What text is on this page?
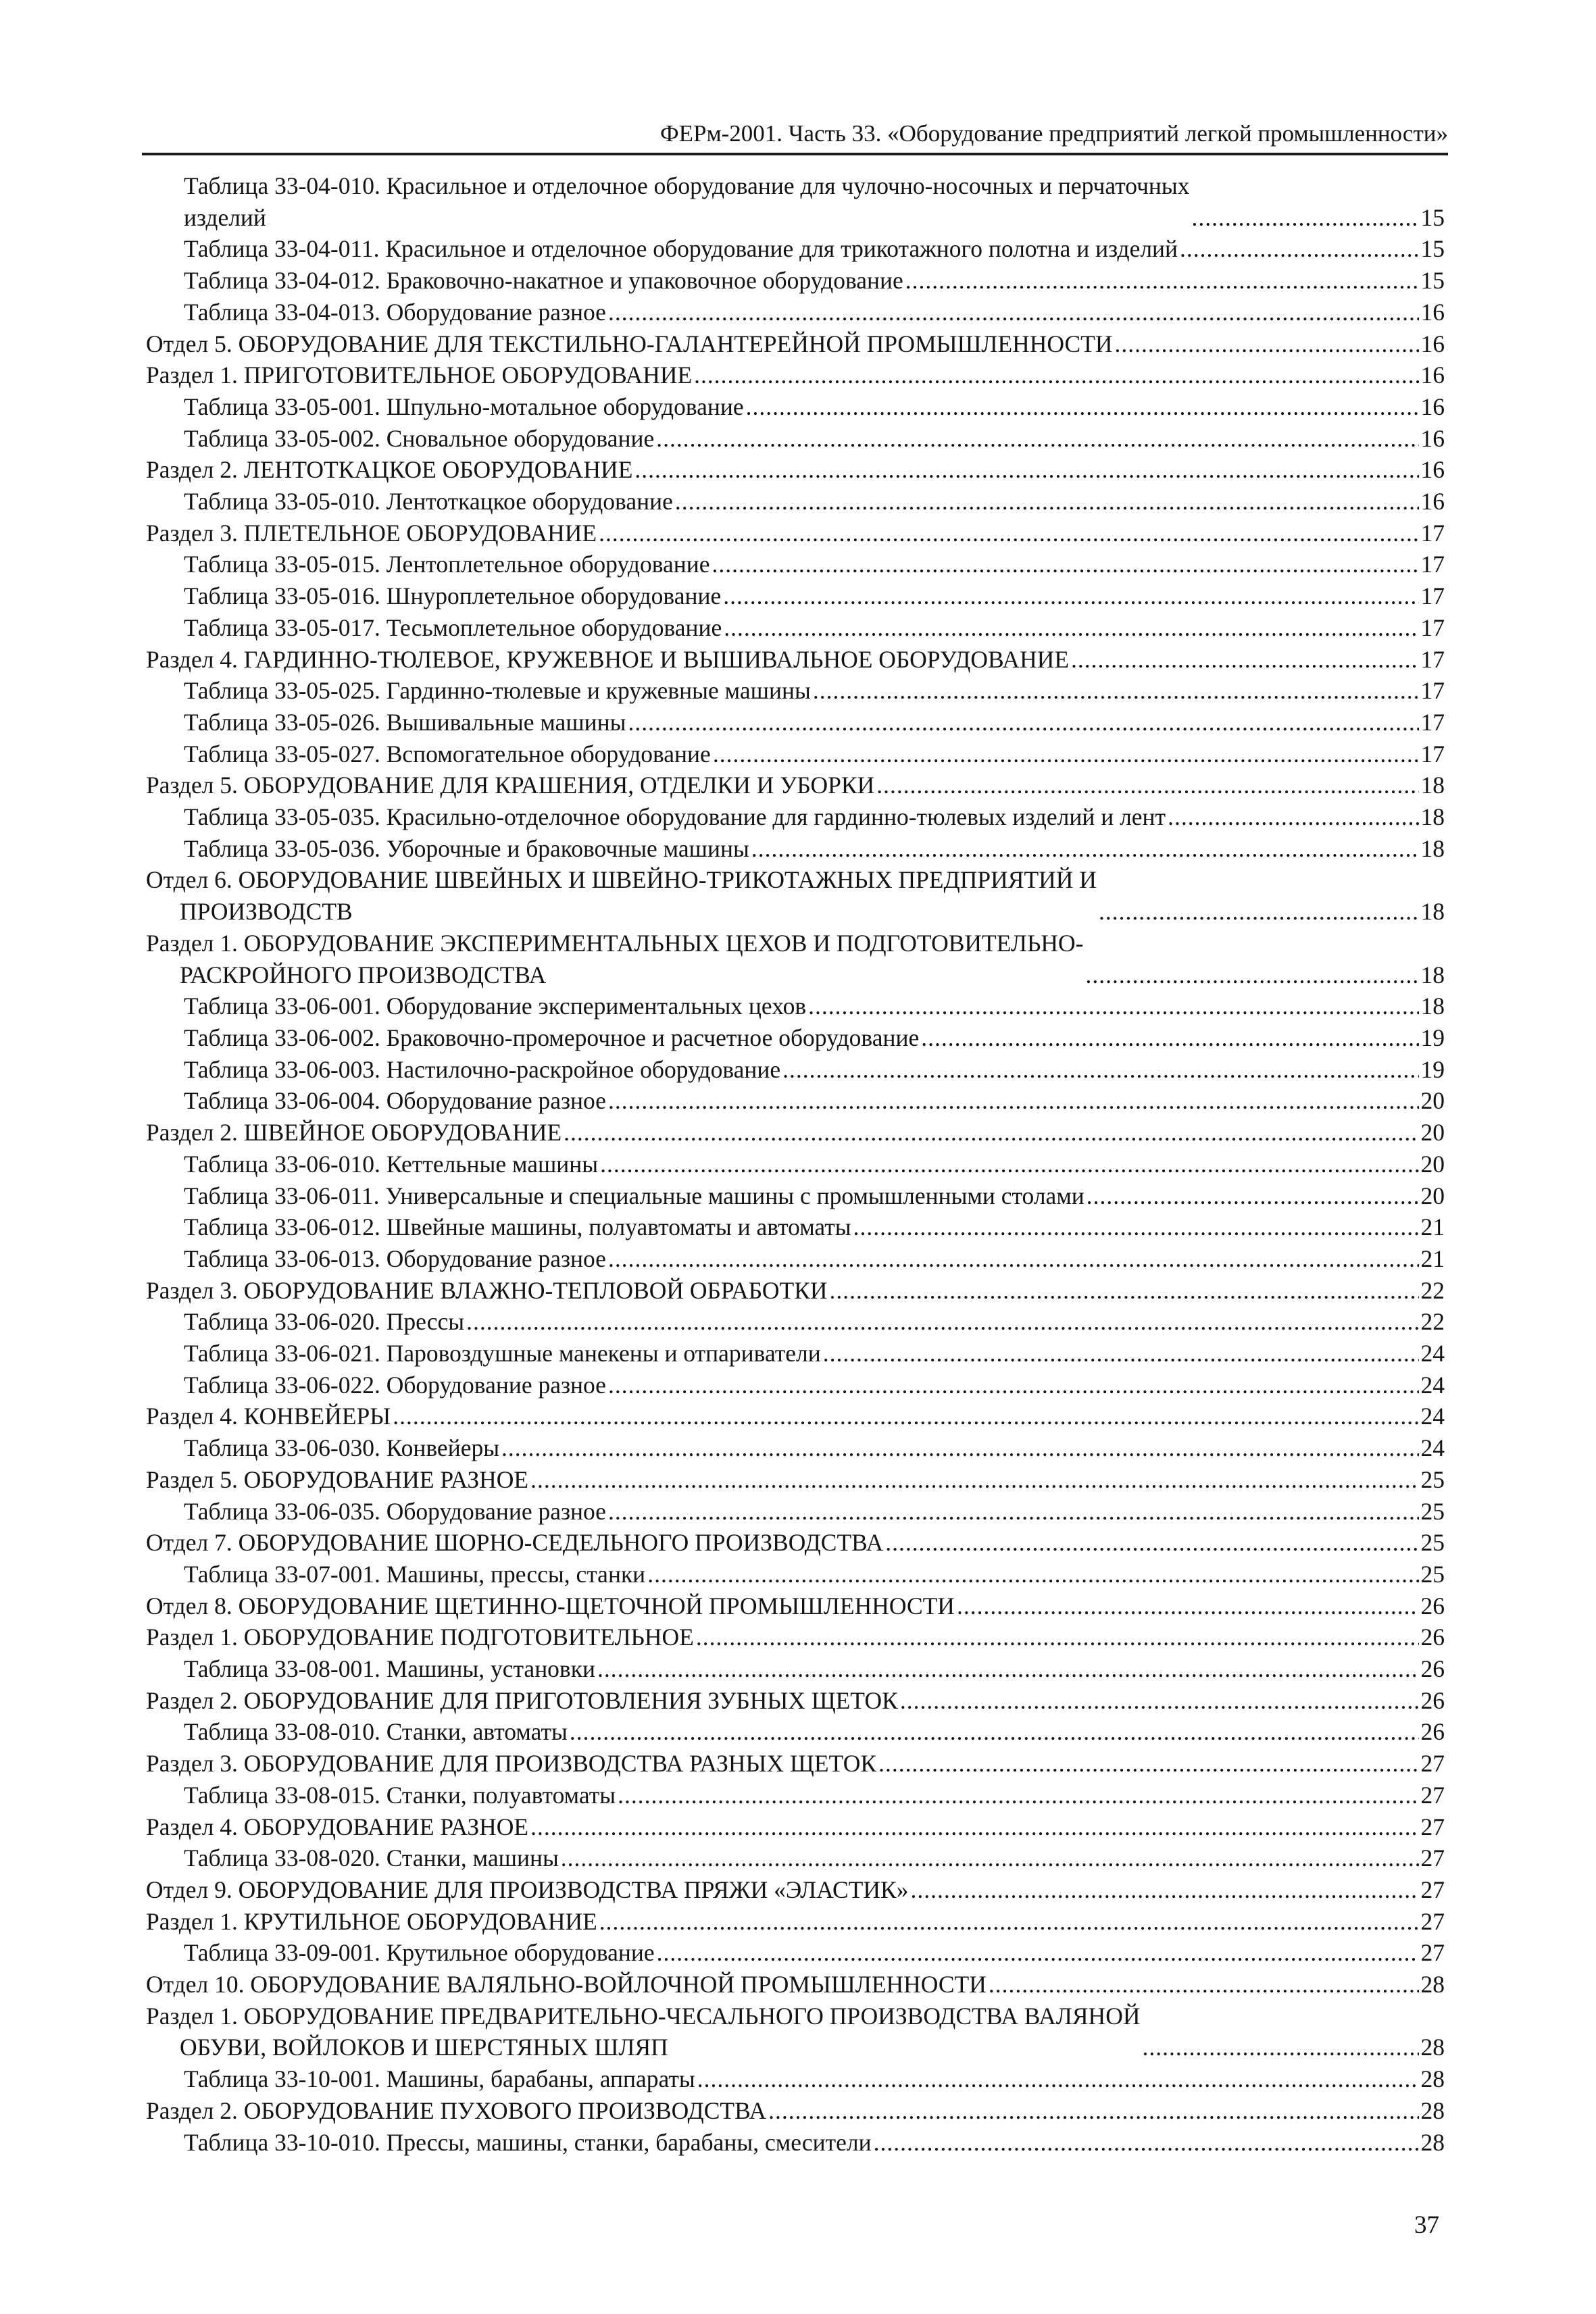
ФЕРм-2001. Часть 33. «Оборудование предприятий легкой промышленности»
Таблица 33-04-010. Красильное и отделочное оборудование для чулочно-носочных и перчаточных
изделий .....	15
Таблица 33-04-011. Красильное и отделочное оборудование для трикотажного полотна и изделий .....	15
Таблица 33-04-012. Браковочно-накатное и упаковочное оборудование .....	15
Таблица 33-04-013. Оборудование разное .....	16
Отдел 5. ОБОРУДОВАНИЕ ДЛЯ ТЕКСТИЛЬНО-ГАЛАНТЕРЕЙНОЙ ПРОМЫШЛЕННОСТИ .....	16
Раздел 1. ПРИГОТОВИТЕЛЬНОЕ ОБОРУДОВАНИЕ .....	16
Таблица 33-05-001. Шпульно-мотальное оборудование .....	16
Таблица 33-05-002. Сновальное оборудование .....	16
Раздел 2. ЛЕНТОТКАЦКОЕ ОБОРУДОВАНИЕ .....	16
Таблица 33-05-010. Лентоткацкое оборудование .....	16
Раздел 3. ПЛЕТЕЛЬНОЕ ОБОРУДОВАНИЕ .....	17
Таблица 33-05-015. Лентоплетельное оборудование .....	17
Таблица 33-05-016. Шнуроплетельное оборудование .....	17
Таблица 33-05-017. Тесьмоплетельное оборудование .....	17
Раздел 4. ГАРДИННО-ТЮЛЕВОЕ, КРУЖЕВНОЕ И ВЫШИВАЛЬНОЕ ОБОРУДОВАНИЕ .....	17
Таблица 33-05-025. Гардинно-тюлевые и кружевные машины .....	17
Таблица 33-05-026. Вышивальные машины .....	17
Таблица 33-05-027. Вспомогательное оборудование .....	17
Раздел 5. ОБОРУДОВАНИЕ ДЛЯ КРАШЕНИЯ, ОТДЕЛКИ И УБОРКИ .....	18
Таблица 33-05-035. Красильно-отделочное оборудование для гардинно-тюлевых изделий и лент .....	18
Таблица 33-05-036. Уборочные и браковочные машины .....	18
Отдел 6. ОБОРУДОВАНИЕ ШВЕЙНЫХ И ШВЕЙНО-ТРИКОТАЖНЫХ ПРЕДПРИЯТИЙ И
ПРОИЗВОДСТВ .....	18
Раздел 1. ОБОРУДОВАНИЕ ЭКСПЕРИМЕНТАЛЬНЫХ ЦЕХОВ И ПОДГОТОВИТЕЛЬНО-
РАСКРОЙНОГО ПРОИЗВОДСТВА .....	18
Таблица 33-06-001. Оборудование экспериментальных цехов .....	18
Таблица 33-06-002. Браковочно-промерочное и расчетное оборудование .....	19
Таблица 33-06-003. Настилочно-раскройное оборудование .....	19
Таблица 33-06-004. Оборудование разное .....	20
Раздел 2. ШВЕЙНОЕ ОБОРУДОВАНИЕ .....	20
Таблица 33-06-010. Кеттельные машины .....	20
Таблица 33-06-011. Универсальные и специальные машины с промышленными столами .....	20
Таблица 33-06-012. Швейные машины, полуавтоматы и автоматы .....	21
Таблица 33-06-013. Оборудование разное .....	21
Раздел 3. ОБОРУДОВАНИЕ ВЛАЖНО-ТЕПЛОВОЙ ОБРАБОТКИ .....	22
Таблица 33-06-020. Прессы .....	22
Таблица 33-06-021. Паровоздушные манекены и отпариватели .....	24
Таблица 33-06-022. Оборудование разное .....	24
Раздел 4. КОНВЕЙЕРЫ .....	24
Таблица 33-06-030. Конвейеры .....	24
Раздел 5. ОБОРУДОВАНИЕ РАЗНОЕ .....	25
Таблица 33-06-035. Оборудование разное .....	25
Отдел 7. ОБОРУДОВАНИЕ ШОРНО-СЕДЕЛЬНОГО ПРОИЗВОДСТВА .....	25
Таблица 33-07-001. Машины, прессы, станки .....	25
Отдел 8. ОБОРУДОВАНИЕ ЩЕТИННО-ЩЕТОЧНОЙ ПРОМЫШЛЕННОСТИ .....	26
Раздел 1. ОБОРУДОВАНИЕ ПОДГОТОВИТЕЛЬНОЕ .....	26
Таблица 33-08-001. Машины, установки .....	26
Раздел 2. ОБОРУДОВАНИЕ ДЛЯ ПРИГОТОВЛЕНИЯ ЗУБНЫХ ЩЕТОК .....	26
Таблица 33-08-010. Станки, автоматы .....	26
Раздел 3. ОБОРУДОВАНИЕ ДЛЯ ПРОИЗВОДСТВА РАЗНЫХ ЩЕТОК .....	27
Таблица 33-08-015. Станки, полуавтоматы .....	27
Раздел 4. ОБОРУДОВАНИЕ РАЗНОЕ .....	27
Таблица 33-08-020. Станки, машины .....	27
Отдел 9. ОБОРУДОВАНИЕ ДЛЯ ПРОИЗВОДСТВА ПРЯЖИ «ЭЛАСТИК» .....	27
Раздел 1. КРУТИЛЬНОЕ ОБОРУДОВАНИЕ .....	27
Таблица 33-09-001. Крутильное оборудование .....	27
Отдел 10. ОБОРУДОВАНИЕ ВАЛЯЛЬНО-ВОЙЛОЧНОЙ ПРОМЫШЛЕННОСТИ .....	28
Раздел 1. ОБОРУДОВАНИЕ ПРЕДВАРИТЕЛЬНО-ЧЕСАЛЬНОГО ПРОИЗВОДСТВА ВАЛЯНОЙ
ОБУВИ, ВОЙЛОКОВ И ШЕРСТЯНЫХ ШЛЯП .....	28
Таблица 33-10-001. Машины, барабаны, аппараты .....	28
Раздел 2. ОБОРУДОВАНИЕ ПУХОВОГО ПРОИЗВОДСТВА .....	28
Таблица 33-10-010. Прессы, машины, станки, барабаны, смесители .....	28
37
